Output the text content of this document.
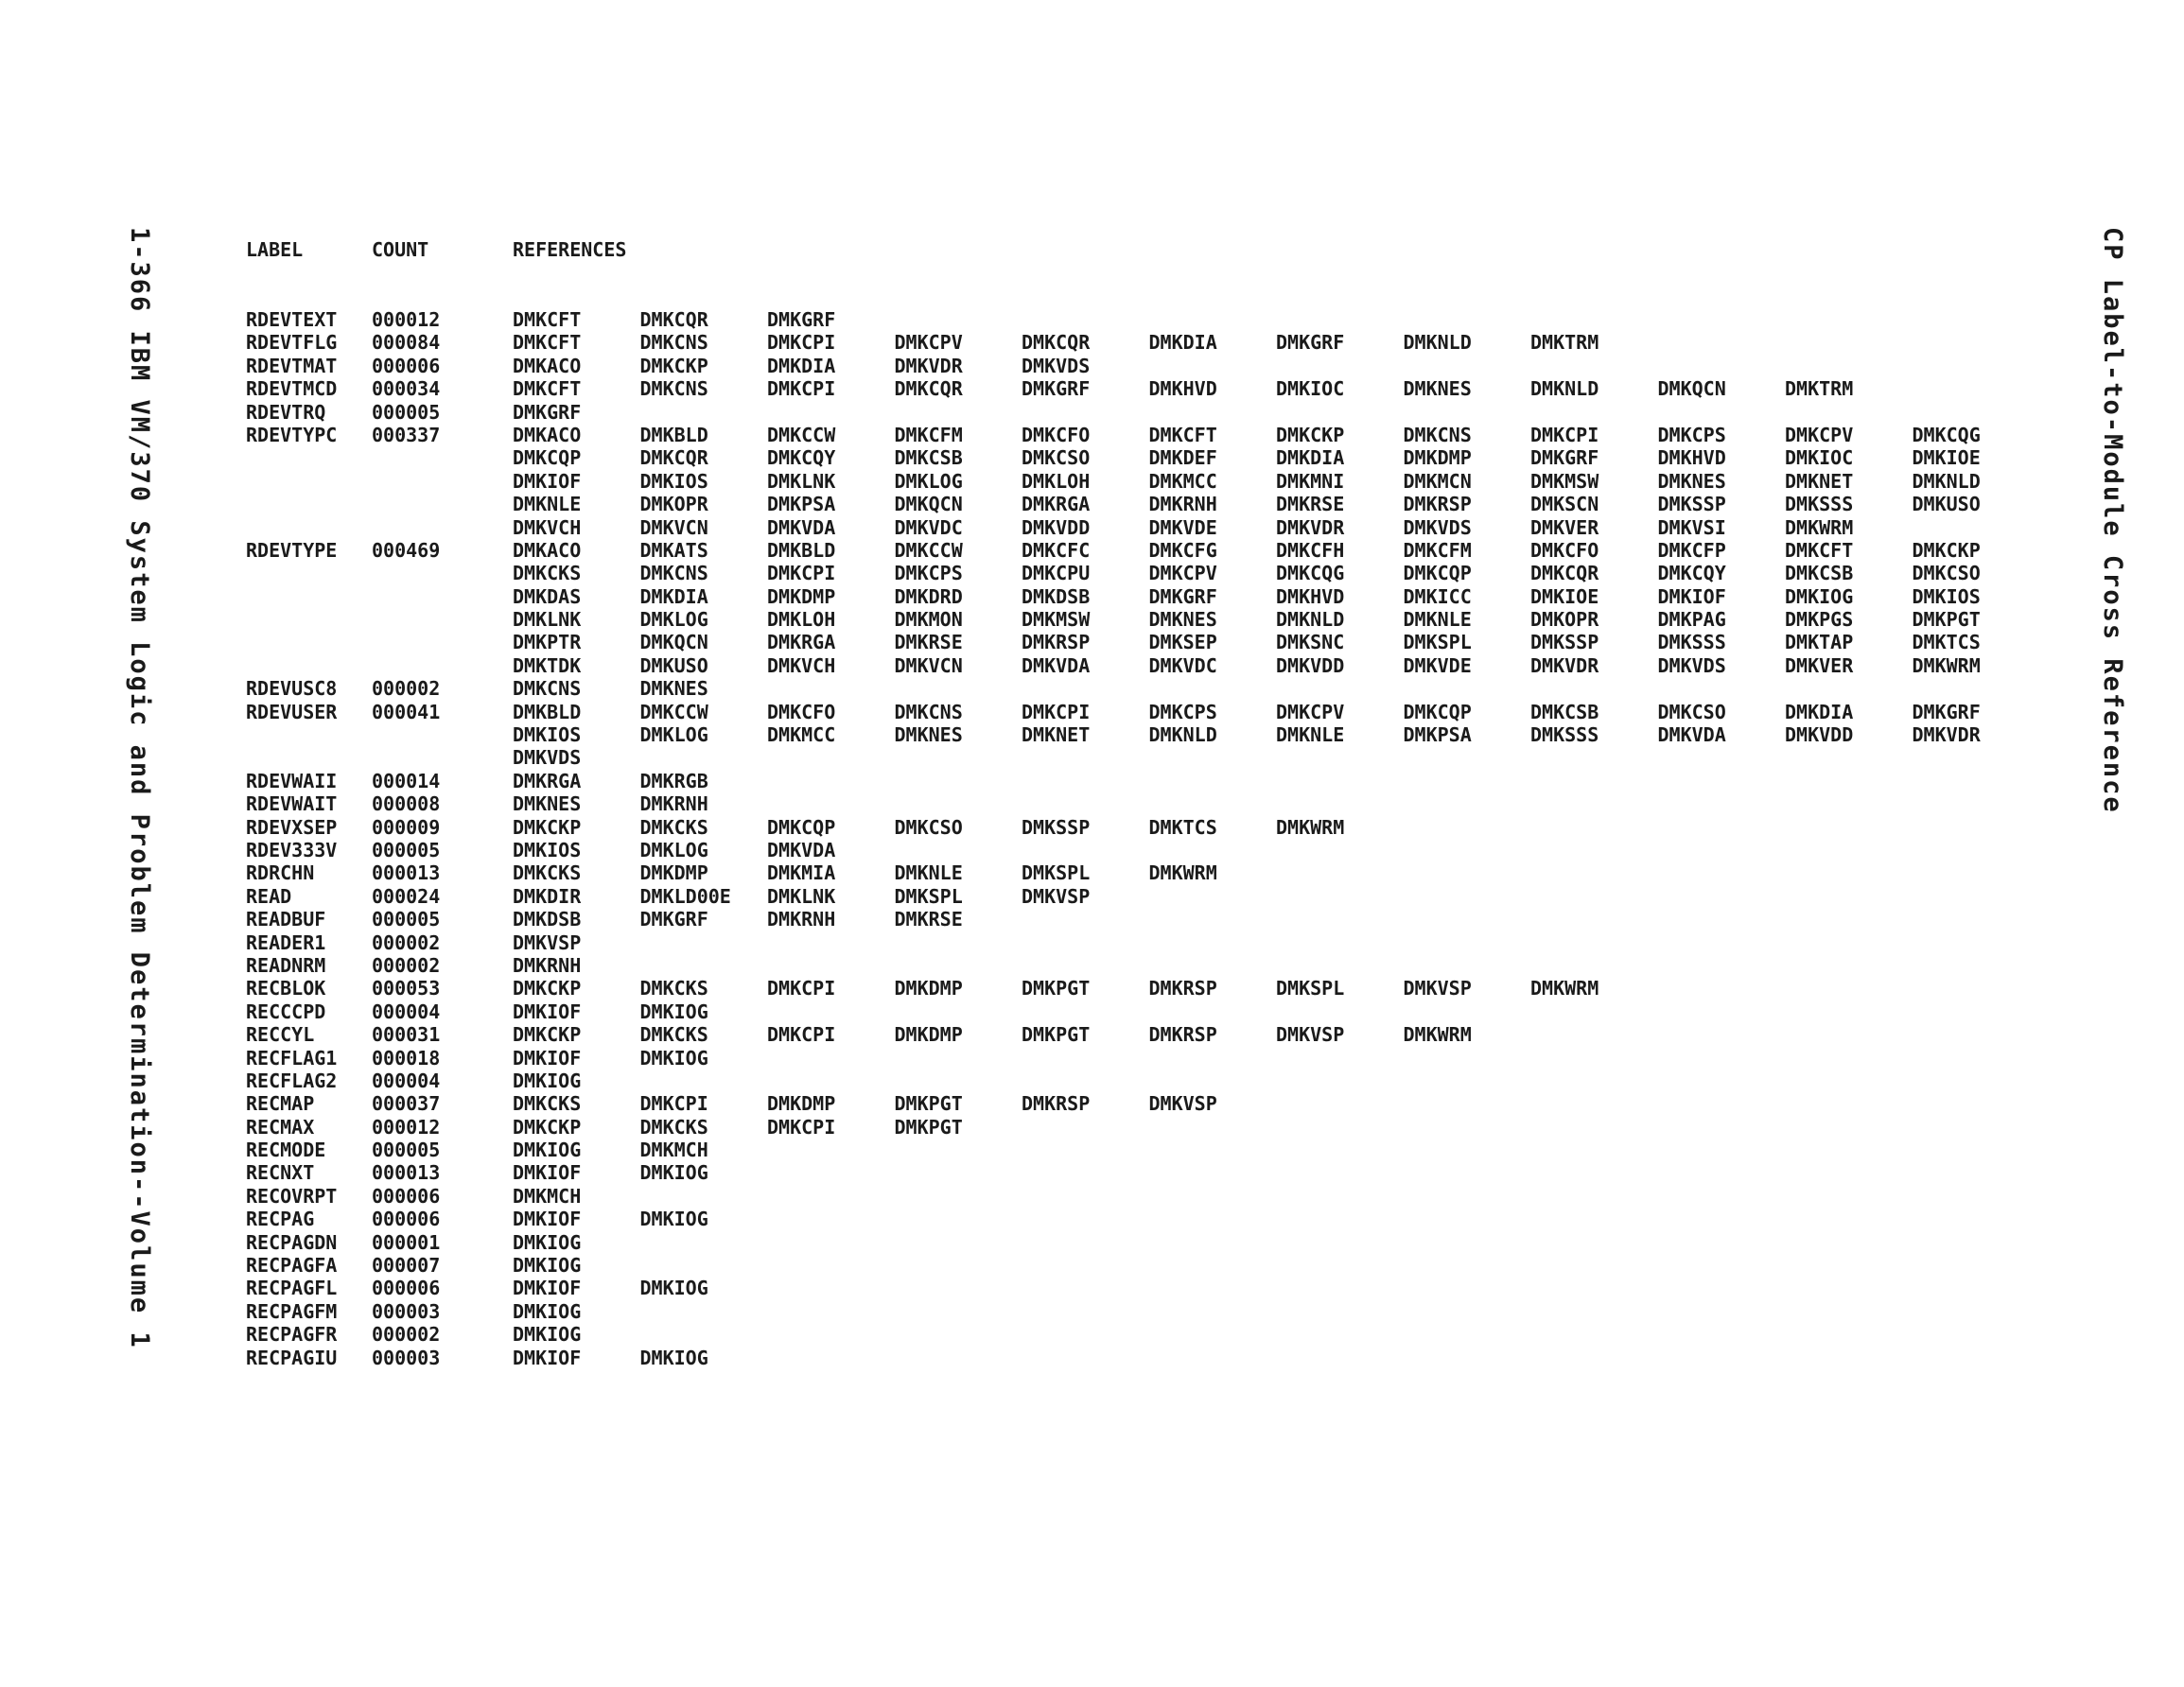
1-366 IBM VM/370 System Logic and Problem Determination--Volume 1	CP Label-to-Module Cross Reference
LABEL	COUNT	REFERENCES
RDEVTEXT 000012	DMKCFT	DMKCQR	DMKGRF
RDEVTFLG 000084	DMKCFT	DMKCNS	DMKCPI	DMKCPV	DMKCQR	DMKDIA	DMKGRF	DMKNLD	DMKTRM
RDEVTMAT 000006	DMKACO	DMKCKP	DMKDIA	DMKVDR	DMKVDS
RDEVTMCD 000034	DMKCFT	DMKCNS	DMKCPI	DMKCQR	DMKGRF	DMKHVD	DMKIOC	DMKNES	DMKNLD	DMKQCN	DMKTRM
RDEVTRQ 000005	DMKGRF
RDEVTYPC 000337	DMKACO	DMKBLD	DMKCCW	DMKCFM	DMKCFO	DMKCFT	DMKCKP	DMKCNS	DMKCPI	DMKCPS	DMKCPV	DMKCQG
DMKCQP	DMKCQR	DMKCQY	DMKCSB	DMKCSO	DMKDEF	DMKDIA	DMKDMP	DMKGRF	DMKHVD	DMKIOC	DMKIOE
DMKIOF	DMKIOS	DMKLNK	DMKLOG	DMKLOH	DMKMCC	DMKMNI	DMKMCN	DMKMSW	DMKNES	DMKNET	DMKNLD
DMKNLE	DMKOPR	DMKPSA	DMKQCN	DMKRGA	DMKRNH	DMKRSE	DMKRSP	DMKSCN	DMKSSP	DMKSSS	DMKUSO
DMKVCH	DMKVCN	DMKVDA	DMKVDC	DMKVDD	DMKVDE	DMKVDR	DMKVDS	DMKVER	DMKVSI	DMKWRM
RDEVTYPE 000469	DMKACO	DMKATS	DMKBLD	DMKCCW	DMKCFC	DMKCFG	DMKCFH	DMKCFM	DMKCFO	DMKCFP	DMKCFT	DMKCKP
DMKCKS	DMKCNS	DMKCPI	DMKCPS	DMKCPU	DMKCPV	DMKCQG	DMKCQP	DMKCQR	DMKCQY	DMKCSB	DMKCSO
DMKDAS	DMKDIA	DMKDMP	DMKDRD	DMKDSB	DMKGRF	DMKHVD	DMKICC	DMKIOE	DMKIOF	DMKIOG	DMKIOS
DMKLNK	DMKLOG	DMKLOH	DMKMON	DMKMSW	DMKNES	DMKNLD	DMKNLE	DMKOPR	DMKPAG	DMKPGS	DMKPGT
DMKPTR	DMKQCN	DMKRGA	DMKRSE	DMKRSP	DMKSEP	DMKSNC	DMKSPL	DMKSSP	DMKSSS	DMKTAP	DMKTCS
DMKTDK	DMKUSO	DMKVCH	DMKVCN	DMKVDA	DMKVDC	DMKVDD	DMKVDE	DMKVDR	DMKVDS	DMKVER	DMKWRM
RDEVUSC8 000002	DMKCNS	DMKNES
RDEVUSER 000041	DMKBLD	DMKCCW	DMKCFO	DMKCNS	DMKCPI	DMKCPS	DMKCPV	DMKCQP	DMKCSB	DMKCSO	DMKDIA	DMKGRF
DMKIOS	DMKLOG	DMKMCC	DMKNES	DMKNET	DMKNLD	DMKNLE	DMKPSA	DMKSSS	DMKVDA	DMKVDD	DMKVDR
DMKVDS
RDEVWAII 000014	DMKRGA	DMKRGB
RDEVWAIT 000008	DMKNES	DMKRNH
RDEVXSEP 000009	DMKCKP	DMKCKS	DMKCQP	DMKCSO	DMKSSP	DMKTCS	DMKWRM
RDEV333V 000005	DMKIOS	DMKLOG	DMKVDA
RDRCHN	000013	DMKCKS	DMKDMP	DMKMIA	DMKNLE	DMKSPL	DMKWRM
READ	000024	DMKDIR	DMKLD00E DMKLNK	DMKSPL	DMKVSP
READBUF 000005	DMKDSB	DMKGRF	DMKRNH	DMKRSE
READER1 000002	DMKVSP
READNRM 000002	DMKRNH
RECBLOK 000053	DMKCKP	DMKCKS	DMKCPI	DMKDMP	DMKPGT	DMKRSP	DMKSPL	DMKVSP	DMKWRM
RECCCPD 000004	DMKIOF	DMKIOG
RECCYL	000031	DMKCKP	DMKCKS	DMKCPI	DMKDMP	DMKPGT	DMKRSP	DMKVSP	DMKWRM
RECFLAG1 000018	DMKIOF	DMKIOG
RECFLAG2 000004	DMKIOG
RECMAP	000037	DMKCKS	DMKCPI	DMKDMP	DMKPGT	DMKRSP	DMKVSP
RECMAX	000012	DMKCKP	DMKCKS	DMKCPI	DMKPGT
RECMODE 000005	DMKIOG	DMKMCH
RECNXT	000013	DMKIOF	DMKIOG
RECOVRPT 000006	DMKMCH
RECPAG	000006	DMKIOF	DMKIOG
RECPAGDN 000001	DMKIOG
RECPAGFA 000007	DMKIOG
RECPAGFL 000006	DMKIOF	DMKIOG
RECPAGFM 000003	DMKIOG
RECPAGFR 000002	DMKIOG
RECPAGIU 000003	DMKIOF	DMKIOG
